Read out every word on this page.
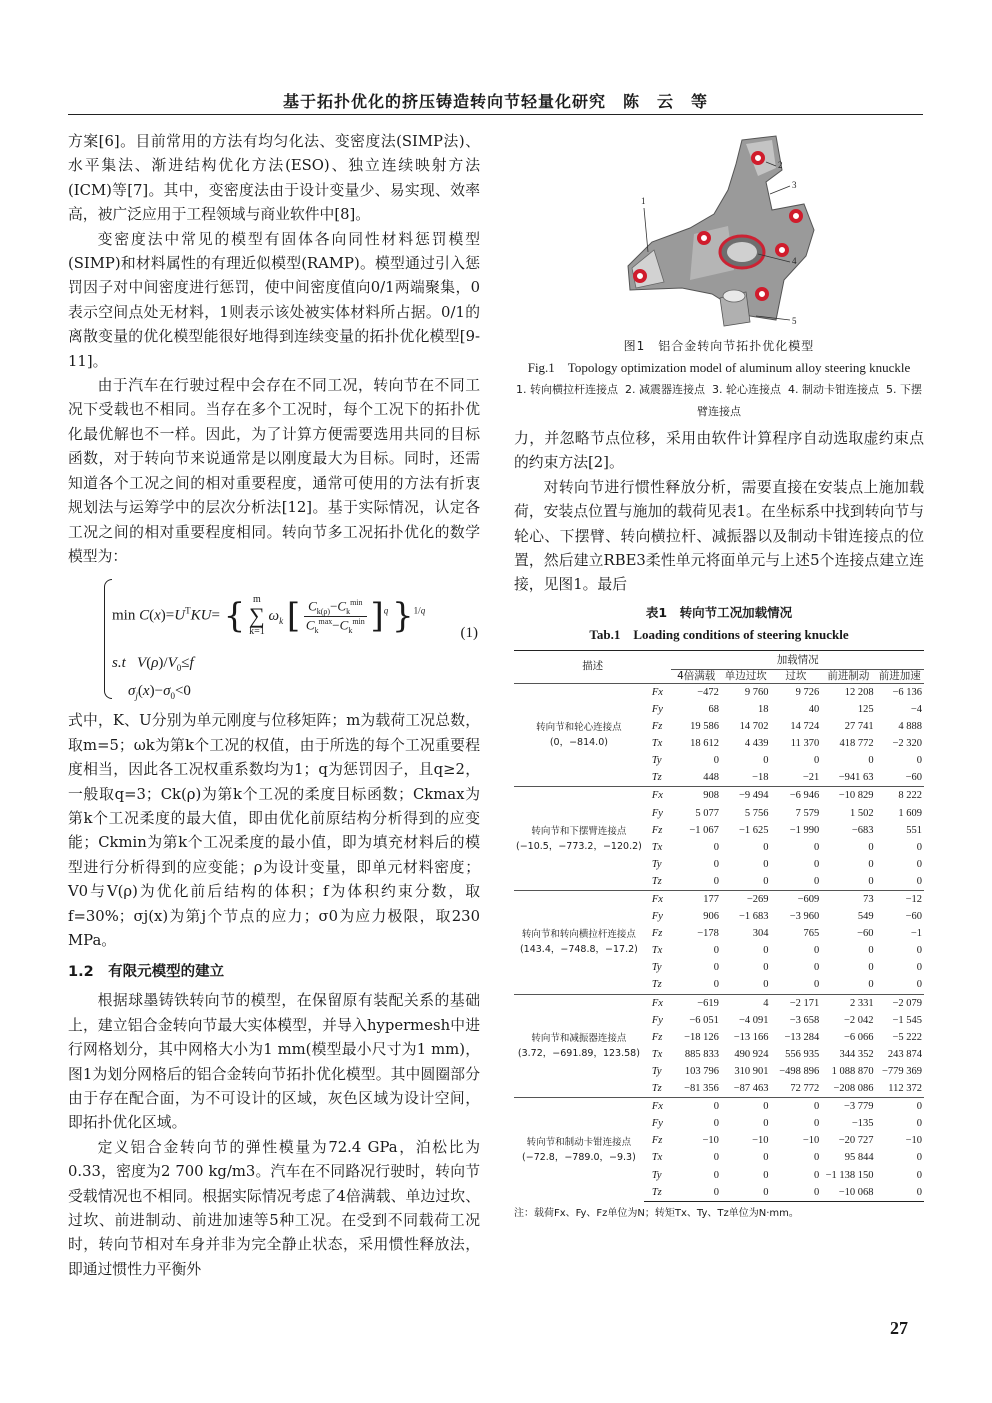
基于拓扑优化的挤压铸造转向节轻量化研究　陈　云　等

方案[6]。目前常用的方法有均匀化法、变密度法(SIMP法)、水平集法、渐进结构优化方法(ESO)、独立连续映射方法(ICM)等[7]。其中，变密度法由于设计变量少、易实现、效率高，被广泛应用于工程领域与商业软件中[8]。

变密度法中常见的模型有固体各向同性材料惩罚模型(SIMP)和材料属性的有理近似模型(RAMP)。模型通过引入惩罚因子对中间密度进行惩罚，使中间密度值向0/1两端聚集，0表示空间点处无材料，1则表示该处被实体材料所占据。0/1的离散变量的优化模型能很好地得到连续变量的拓扑优化模型[9-11]。

由于汽车在行驶过程中会存在不同工况，转向节在不同工况下受载也不相同。当存在多个工况时，每个工况下的拓扑优化最优解也不一样。因此，为了计算方便需要选用共同的目标函数，对于转向节来说通常是以刚度最大为目标。同时，还需知道各个工况之间的相对重要程度，通常可使用的方法有折衷规划法与运筹学中的层次分析法[12]。基于实际情况，认定各工况之间的相对重要程度相同。转向节多工况拓扑优化的数学模型为：

$\min C(x)=U^TKU=$ { m
∑
k=1 $\omega_k$ [ $\frac{C_{k(\rho)}-C_k^{min}}{C_k^{max}-C_k^{min}} ]^q$ }$^{1/q}$
(1)
s.t $V(\rho)/V_0\le f$
$\sigma_j(x)-\sigma_0<0$

式中，K、U分别为单元刚度与位移矩阵；m为载荷工况总数，取m=5；ωk为第k个工况的权值，由于所选的每个工况重要程度相当，因此各工况权重系数均为1；q为惩罚因子，且q≥2，一般取q=3；Ck(ρ)为第k个工况的柔度目标函数；Ckmax为第k个工况柔度的最大值，即由优化前原结构分析得到的应变能；Ckmin为第k个工况柔度的最小值，即为填充材料后的模型进行分析得到的应变能；ρ为设计变量，即单元材料密度；V0与V(ρ)为优化前后结构的体积；f为体积约束分数，取f=30%；σj(x)为第j个节点的应力；σ0为应力极限，取230 MPa。

1.2　有限元模型的建立

根据球墨铸铁转向节的模型，在保留原有装配关系的基础上，建立铝合金转向节最大实体模型，并导入hypermesh中进行网格划分，其中网格大小为1 mm(模型最小尺寸为1 mm)，图1为划分网格后的铝合金转向节拓扑优化模型。其中圆圈部分由于存在配合面，为不可设计的区域，灰色区域为设计空间，即拓扑优化区域。

定义铝合金转向节的弹性模量为72.4 GPa，泊松比为0.33，密度为2 700 kg/m3。汽车在不同路况行驶时，转向节受载情况也不相同。根据实际情况考虑了4倍满载、单边过坎、过坎、前进制动、前进加速等5种工况。在受到不同载荷工况时，转向节相对车身并非为完全静止状态，采用惯性释放法，即通过惯性力平衡外

1
2
3
4
5
图1　铝合金转向节拓扑优化模型
Fig.1　Topology optimization model of aluminum alloy steering knuckle
1. 转向横拉杆连接点  2. 减震器连接点  3. 轮心连接点  4. 制动卡钳连接点  5. 下摆臂连接点

力，并忽略节点位移，采用由软件计算程序自动选取虚约束点的约束方法[2]。

对转向节进行惯性释放分析，需要直接在安装点上施加载荷，安装点位置与施加的载荷见表1。在坐标系中找到转向节与轮心、下摆臂、转向横拉杆、减振器以及制动卡钳连接点的位置，然后建立RBE3柔性单元将面单元与上述5个连接点建立连接，见图1。最后

表1　转向节工况加载情况
Tab.1　Loading conditions of steering knuckle
描述		加载情况				
		4倍满载	单边过坎	过坎	前进制动	前进加速
转向节和轮心连接点(0，−814.0)	Fx	−472	9 760	9 726	12 208	−6 136
	Fy	68	18	40	125	−4
	Fz	19 586	14 702	14 724	27 741	4 888
	Tx	18 612	4 439	11 370	418 772	−2 320
	Ty	0	0	0	0	0
	Tz	448	−18	−21	−941 63	−60
转向节和下摆臂连接点(−10.5，−773.2，−120.2)	Fx	908	−9 494	−6 946	−10 829	8 222
	Fy	5 077	5 756	7 579	1 502	1 609
	Fz	−1 067	−1 625	−1 990	−683	551
	Tx	0	0	0	0	0
	Ty	0	0	0	0	0
	Tz	0	0	0	0	0
转向节和转向横拉杆连接点(143.4，−748.8，−17.2)	Fx	177	−269	−609	73	−12
	Fy	906	−1 683	−3 960	549	−60
	Fz	−178	304	765	−60	−1
	Tx	0	0	0	0	0
	Ty	0	0	0	0	0
	Tz	0	0	0	0	0
转向节和减振器连接点(3.72，−691.89，123.58)	Fx	−619	4	−2 171	2 331	−2 079
	Fy	−6 051	−4 091	−3 658	−2 042	−1 545
	Fz	−18 126	−13 166	−13 284	−6 066	−5 222
	Tx	885 833	490 924	556 935	344 352	243 874
	Ty	103 796	310 901	−498 896	1 088 870	−779 369
	Tz	−81 356	−87 463	72 772	−208 086	112 372
转向节和制动卡钳连接点(−72.8，−789.0，−9.3)	Fx	0	0	0	−3 779	0
	Fy	0	0	0	−135	0
	Fz	−10	−10	−10	−20 727	−10
	Tx	0	0	0	95 844	0
	Ty	0	0	0	−1 138 150	0
	Tz	0	0	0	−10 068	0
注：载荷Fx、Fy、Fz单位为N；转矩Tx、Ty、Tz单位为N·mm。
27
